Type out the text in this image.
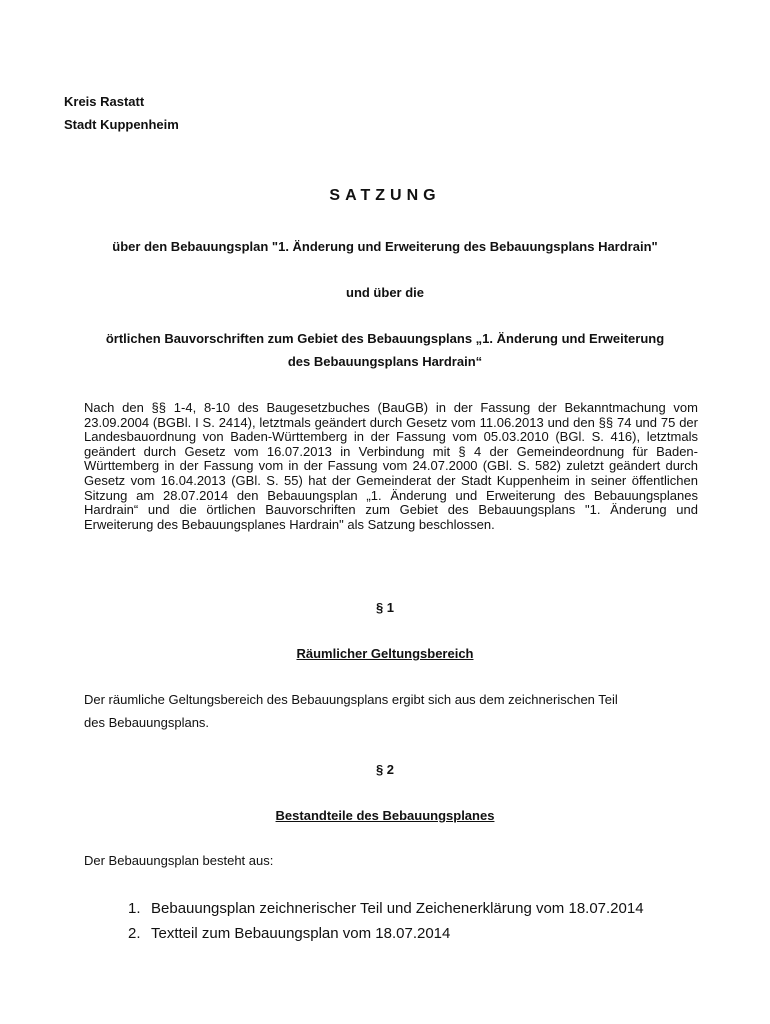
Kreis Rastatt
Stadt Kuppenheim
SATZUNG
über den Bebauungsplan "1. Änderung und Erweiterung des Bebauungsplans Hardrain"
und über die
örtlichen Bauvorschriften zum Gebiet des Bebauungsplans „1. Änderung und Erweiterung
des Bebauungsplans Hardrain“
Nach den §§ 1-4, 8-10 des Baugesetzbuches (BauGB) in der Fassung der Bekanntmachung vom 23.09.2004 (BGBl. I S. 2414), letztmals geändert durch Gesetz vom 11.06.2013 und den §§ 74 und 75 der Landesbauordnung von Baden-Württemberg in der Fassung vom 05.03.2010 (BGl. S. 416), letztmals geändert durch Gesetz vom 16.07.2013 in Verbindung mit § 4 der Gemeindeordnung für Baden-Württemberg in der Fassung vom in der Fassung vom 24.07.2000 (GBl. S. 582) zuletzt geändert durch Gesetz vom 16.04.2013 (GBl. S. 55) hat der Gemeinderat der Stadt Kuppenheim in seiner öffentlichen Sitzung am 28.07.2014 den Bebauungsplan „1. Änderung und Erweiterung des Bebauungsplanes Hardrain“ und die örtlichen Bauvorschriften zum Gebiet des Bebauungsplans "1. Änderung und Erweiterung des Bebauungsplanes Hardrain" als Satzung beschlossen.
§ 1
Räumlicher Geltungsbereich
Der räumliche Geltungsbereich des Bebauungsplans ergibt sich aus dem zeichnerischen Teil
des Bebauungsplans.
§ 2
Bestandteile des Bebauungsplanes
Der Bebauungsplan besteht aus:
1. Bebauungsplan zeichnerischer Teil und Zeichenerklärung vom 18.07.2014
2. Textteil zum Bebauungsplan vom 18.07.2014
